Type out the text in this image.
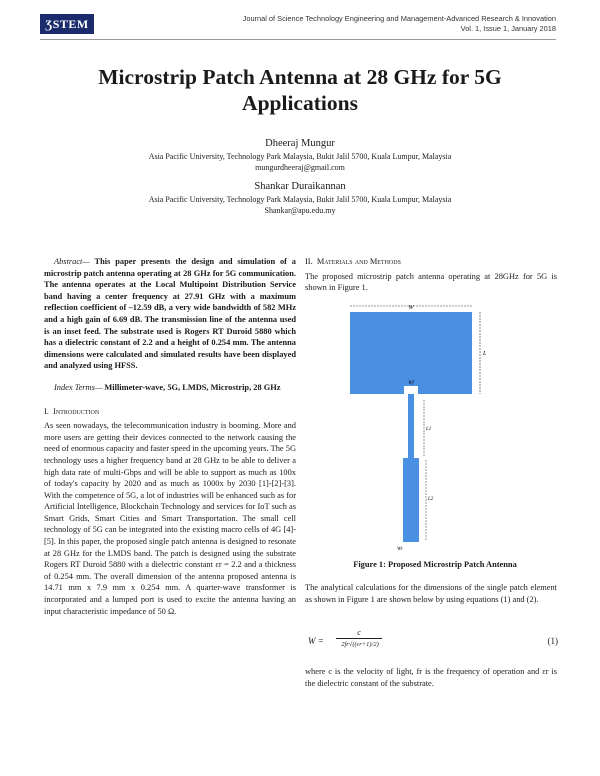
ƷSTEM	Journal of Science Technology Engineering and Management-Advanced Research & Innovation
Vol. 1, Issue 1, January 2018
Microstrip Patch Antenna at 28 GHz for 5G
Applications
Dheeraj Mungur
Asia Pacific University, Technology Park Malaysia, Bukit Jalil 5700, Kuala Lumpur, Malaysia
mungurdheeraj@gmail.com
Shankar Duraikannan
Asia Pacific University, Technology Park Malaysia, Bukit Jalil 5700, Kuala Lumpur, Malaysia
Shankar@apu.edu.my

Abstract— This paper presents the design and simulation of a microstrip patch antenna operating at 28 GHz for 5G communication. The antenna operates at the Local Multipoint Distribution Service band having a center frequency at 27.91 GHz with a maximum reflection coefficient of –12.59 dB, a very wide bandwidth of 582 MHz and a high gain of 6.69 dB. The transmission line of the antenna used is an inset feed. The substrate used is Rogers RT Duroid 5880 which has a dielectric constant of 2.2 and a height of 0.254 mm. The antenna dimensions were calculated and simulated results have been displayed and analyzed using HFSS.

Index Terms— Millimeter-wave, 5G, LMDS, Microstrip, 28 GHz

I. Introduction

As seen nowadays, the telecommunication industry is booming. More and more users are getting their devices connected to the network causing the need of enormous capacity and faster speed in the upcoming years. The 5G technology uses a higher frequency band at 28 GHz to be able to deliver a high data rate of multi-Gbps and will be able to support as much as 100x of today's capacity by 2020 and as much as 1000x by 2030 [1]-[2]-[3]. With the competence of 5G, a lot of industries will be enhanced such as for Artificial Intelligence, Blockchain Technology and services for IoT such as Smart Grids, Smart Cities and Smart Transportation. The small cell technology of 5G can be integrated into the existing macro cells of 4G [4]-[5]. In this paper, the proposed single patch antenna is designed to resonate at 28 GHz for the LMDS band. The patch is designed using the substrate Rogers RT Duroid 5880 with a dielectric constant εr = 2.2 and a thickness of 0.254 mm. The overall dimension of the antenna proposed antenna is 14.71 mm x 7.9 mm x 0.254 mm. A quarter-wave transformer is incorporated and a lumped port is used to excite the antenna having an input characteristic impedance of 50 Ω.

II. Materials and Methods

The proposed microstrip patch antenna operating at 28GHz for 5G is shown in Figure 1.

W
L
Wf
L1
L2
Wt
Figure 1: Proposed Microstrip Patch Antenna
The analytical calculations for the dimensions of the single patch element as shown in Figure 1 are shown below by using equations (1) and (2).
W =
c
2fr√((εr+1)/2)	(1)
where c is the velocity of light, fr is the frequency of operation and εr is the dielectric constant of the substrate.
